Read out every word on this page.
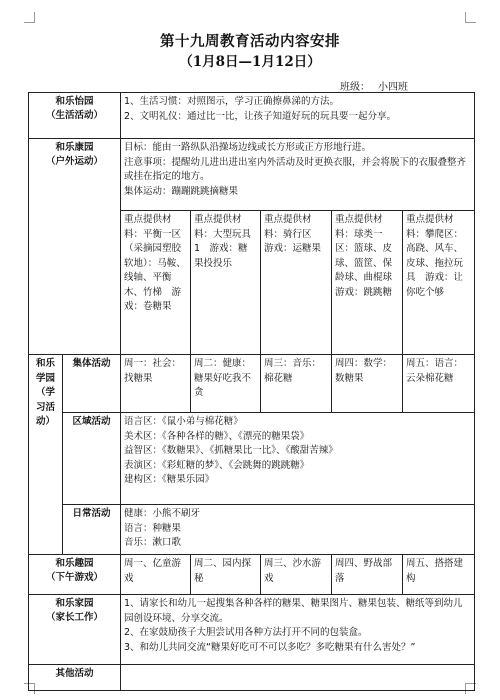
第十九周教育活动内容安排
（1月8日—1月12日）
班级： 小四班
和乐怡园
（生活活动）		1、生活习惯：对照图示，学习正确擦鼻涕的方法。
2、文明礼仪：通过比一比，让孩子知道好玩的玩具要一起分享。				

和乐康园
（户外运动）		目标：能由一路纵队沿操场边线或长方形或正方形地行进。
注意事项：提醒幼儿进出进出室内外活动及时更换衣服，并会将脱下的衣服叠整齐或挂在指定的地方。
集体运动：蹦蹦跳跳摘糖果				

		重点提供材料：平衡一区（采摘园塑胶软地）：马鞍、线轴、平衡木、竹梯　游戏：卷糖果	重点提供材料：大型玩具1　游戏：糖果投投乐	重点提供材料：骑行区　游戏：运糖果	重点提供材料：球类一区：篮球、皮球、篮筐、保龄球、曲棍球　游戏：跳跳糖	重点提供材料：攀爬区：高跷、风车、皮球、拖拉玩具　游戏：让你吃个够
和乐学园（学习活动）	集体活动	周一：社会：找糖果	周二：健康：糖果好吃我不贪	周三：音乐：棉花糖	周四：数学：数糖果	周五：语言：云朵棉花糖
	区域活动	语言区：《鼠小弟与棉花糖》
美术区：《各种各样的糖》、《漂亮的糖果袋》
益智区：《数糖果》、《抓糖果比一比》、《酸甜苦辣》
表演区：《彩虹糖的梦》、《会跳舞的跳跳糖》
建构区：《糖果乐园》				

	日常活动	健康：小熊不刷牙
语言：种糖果
音乐：漱口歌				

和乐趣园
（下午游戏）		周一、亿童游戏	周二、园内探秘	周三、沙水游戏	周四、野战部落	周五、搭搭建构

和乐家园
（家长工作）		1、请家长和幼儿一起搜集各种各样的糖果、糖果图片、糖果包装、糖纸等到幼儿园创设环境、分享交流。
2、在家鼓励孩子大胆尝试用各种方法打开不同的包装盒。
3、和幼儿共同交流“糖果好吃可不可以多吃？多吃糖果有什么害处？”				

其他活动						
